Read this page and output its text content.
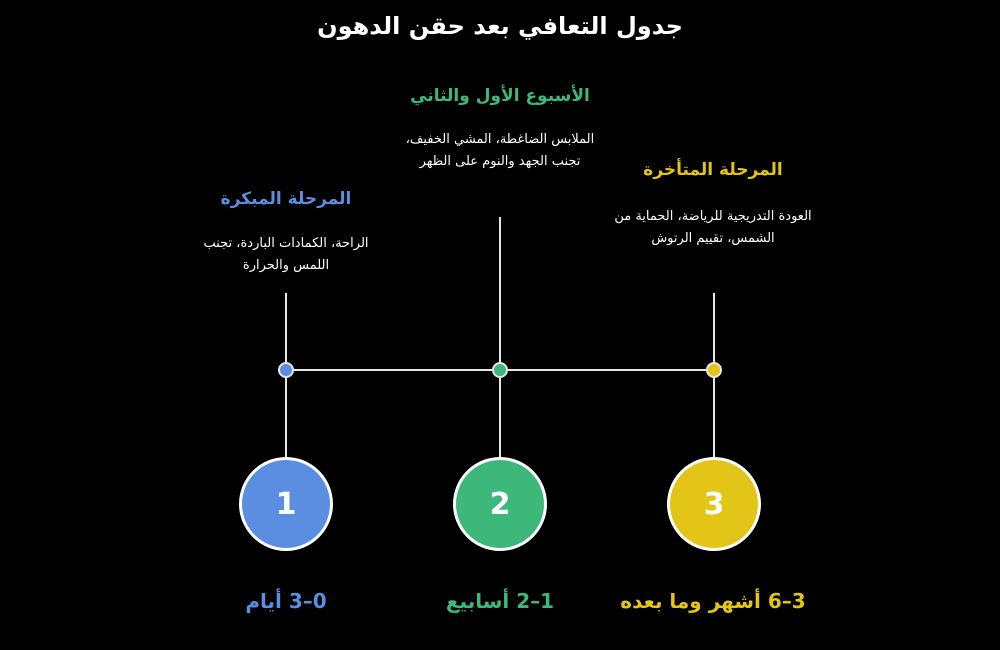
جدول التعافي بعد حقن الدهون
المرحلة المبكرة
الراحة، الكمادات الباردة، تجنب اللمس والحرارة
الأسبوع الأول والثاني
الملابس الضاغطة، المشي الخفيف، تجنب الجهد والنوم على الظهر	المرحلة المتأخرة
العودة التدريجية للرياضة، الحماية من الشمس، تقييم الرتوش
1	2	3
0–3 أيام	1–2 أسابيع	3–6 أشهر وما بعده
